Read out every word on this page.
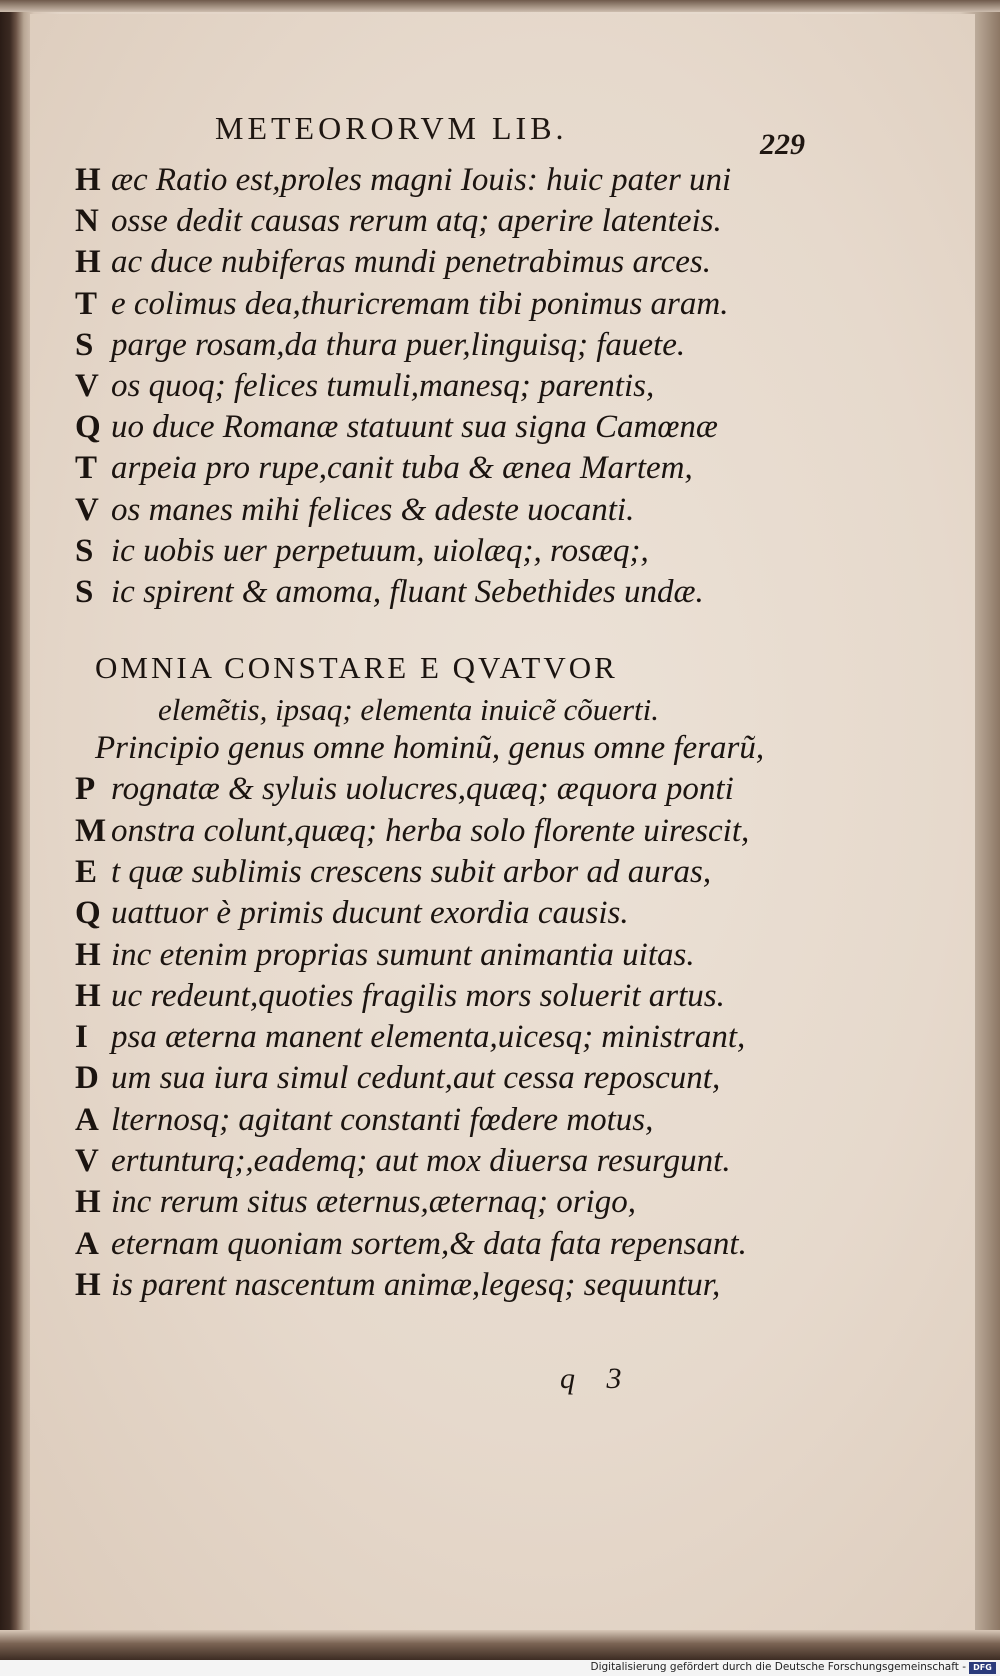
METEORORVM LIB.	229
H æc Ratio est,proles magni Iouis: huic pater uni
N osse dedit causas rerum atq; aperire latenteis.
H ac duce nubiferas mundi penetrabimus arces.
T e colimus dea,thuricremam tibi ponimus aram.
S parge rosam,da thura puer,linguisq; fauete.
V os quoq; felices tumuli,manesq; parentis,
Q uo duce Romanæ statuunt sua signa Camœnæ
T arpeia pro rupe,canit tuba & ænea Martem,
V os manes mihi felices & adeste uocanti.
S ic uobis uer perpetuum, uiolæq;, rosæq;,
S ic spirent & amoma, fluant Sebethides undæ.
OMNIA CONSTARE E QVATVOR
elemẽtis, ipsaq; elementa inuicẽ cõuerti.
Principio genus omne hominũ, genus omne ferarũ,
P rognatæ & syluis uolucres,quæq; æquora ponti
M onstra colunt,quæq; herba solo florente uirescit,
E t quæ sublimis crescens subit arbor ad auras,
Q uattuor è primis ducunt exordia causis.
H inc etenim proprias sumunt animantia uitas.
H uc redeunt,quoties fragilis mors soluerit artus.
I psa æterna manent elementa,uicesq; ministrant,
D um sua iura simul cedunt,aut cessa reposcunt,
A lternosq; agitant constanti fœdere motus,
V ertunturq;,eademq; aut mox diuersa resurgunt.
H inc rerum situs æternus,æternaq; origo,
A eternam quoniam sortem,& data fata repensant.
H is parent nascentum animæ,legesq; sequuntur,
q 3
Digitalisierung gefördert durch die Deutsche Forschungsgemeinschaft - DFG
